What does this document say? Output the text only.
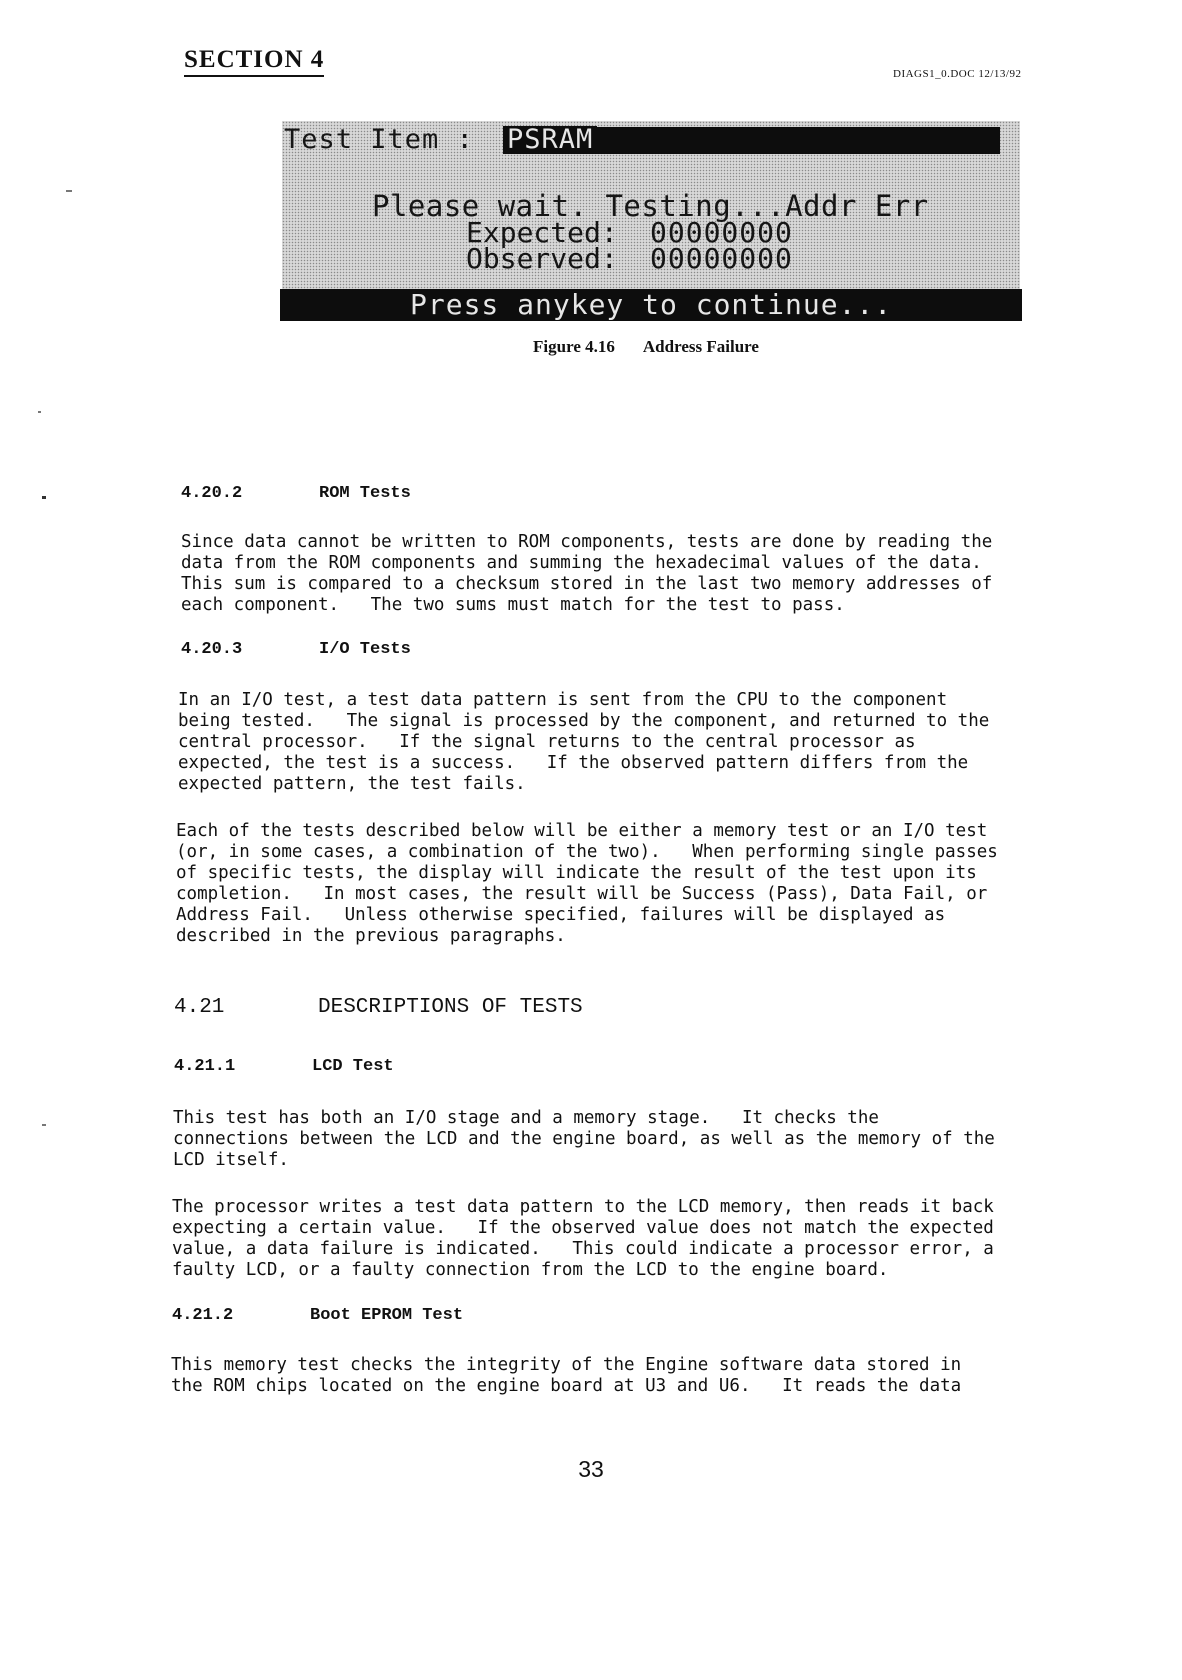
SECTION 4
DIAGS1_0.DOC 12/13/92
Test Item : PSRAM
Please wait. Testing...Addr Err
Expected: 00000000
Observed: 00000000
Press anykey to continue...
Figure 4.16 Address Failure
4.20.2	ROM Tests
Since data cannot be written to ROM components, tests are done by reading the
data from the ROM components and summing the hexadecimal values of the data.
This sum is compared to a checksum stored in the last two memory addresses of
each component.   The two sums must match for the test to pass.
4.20.3	I/O Tests
In an I/O test, a test data pattern is sent from the CPU to the component
being tested.   The signal is processed by the component, and returned to the
central processor.   If the signal returns to the central processor as
expected, the test is a success.   If the observed pattern differs from the
expected pattern, the test fails.
Each of the tests described below will be either a memory test or an I/O test
(or, in some cases, a combination of the two).   When performing single passes
of specific tests, the display will indicate the result of the test upon its
completion.   In most cases, the result will be Success (Pass), Data Fail, or
Address Fail.   Unless otherwise specified, failures will be displayed as
described in the previous paragraphs.
4.21	DESCRIPTIONS OF TESTS
4.21.1	LCD Test
This test has both an I/O stage and a memory stage.   It checks the
connections between the LCD and the engine board, as well as the memory of the
LCD itself.
The processor writes a test data pattern to the LCD memory, then reads it back
expecting a certain value.   If the observed value does not match the expected
value, a data failure is indicated.   This could indicate a processor error, a
faulty LCD, or a faulty connection from the LCD to the engine board.
4.21.2	Boot EPROM Test
This memory test checks the integrity of the Engine software data stored in
the ROM chips located on the engine board at U3 and U6.   It reads the data
33
